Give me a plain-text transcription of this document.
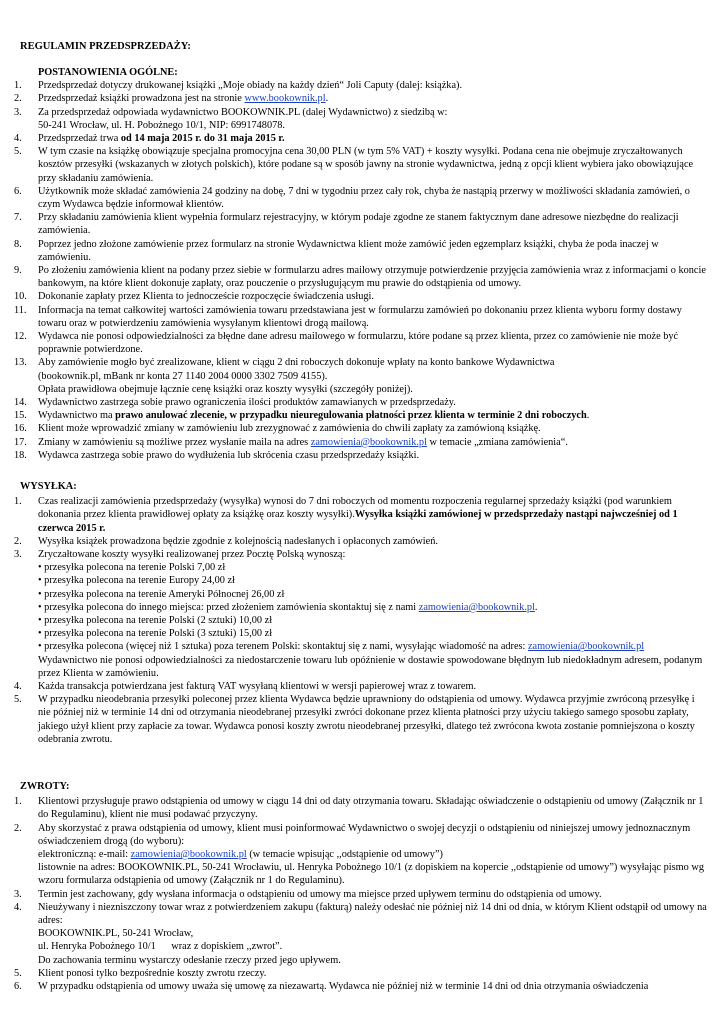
REGULAMIN PRZEDSPRZEDAŻY:
POSTANOWIENIA OGÓLNE:
1. Przedsprzedaż dotyczy drukowanej książki „Moje obiady na każdy dzień“ Joli Caputy (dalej: książka).
2. Przedsprzedaż książki prowadzona jest na stronie www.bookownik.pl.
3. Za przedsprzedaż odpowiada wydawnictwo BOOKOWNIK.PL (dalej Wydawnictwo) z siedzibą w:
50-241 Wrocław, ul. H. Pobożnego 10/1, NIP: 6991748078.
4. Przedsprzedaż trwa od 14 maja 2015 r. do 31 maja 2015 r.
5. W tym czasie na książkę obowiązuje specjalna promocyjna cena 30,00 PLN (w tym 5% VAT) + koszty wysyłki. Podana cena nie obejmuje zryczałtowanych kosztów przesyłki (wskazanych w złotych polskich), które podane są w sposób jawny na stronie wydawnictwa, jedną z opcji klient wybiera jako obowiązujące przy składaniu zamówienia.
6. Użytkownik może składać zamówienia 24 godziny na dobę, 7 dni w tygodniu przez cały rok, chyba że nastąpią przerwy w możliwości składania zamówień, o czym Wydawca będzie informował klientów.
7. Przy składaniu zamówienia klient wypełnia formularz rejestracyjny, w którym podaje zgodne ze stanem faktycznym dane adresowe niezbędne do realizacji zamówienia.
8. Poprzez jedno złożone zamówienie przez formularz na stronie Wydawnictwa klient może zamówić jeden egzemplarz książki, chyba że poda inaczej w zamówieniu.
9. Po złożeniu zamówienia klient na podany przez siebie w formularzu adres mailowy otrzymuje potwierdzenie przyjęcia zamówienia wraz z informacjami o koncie bankowym, na które klient dokonuje zapłaty, oraz pouczenie o przysługującym mu prawie do odstąpienia od umowy.
10. Dokonanie zapłaty przez Klienta to jednoczeście rozpoczęcie świadczenia usługi.
11. Informacja na temat całkowitej wartości zamówienia towaru przedstawiana jest w formularzu zamówień po dokonaniu przez klienta wyboru formy dostawy towaru oraz w potwierdzeniu zamówienia wysyłanym klientowi drogą mailową.
12. Wydawca nie ponosi odpowiedzialności za błędne dane adresu mailowego w formularzu, które podane są przez klienta, przez co zamówienie nie może być poprawnie potwierdzone.
13. Aby zamówienie mogło być zrealizowane, klient w ciągu 2 dni roboczych dokonuje wpłaty na konto bankowe Wydawnictwa
(bookownik.pl, mBank nr konta 27 1140 2004 0000 3302 7509 4155).
Opłata prawidłowa obejmuje łącznie cenę książki oraz koszty wysyłki (szczegóły poniżej).
14. Wydawnictwo zastrzega sobie prawo ograniczenia ilości produktów zamawianych w przedsprzedaży.
15. Wydawnictwo ma prawo anulować zlecenie, w przypadku nieuregulowania płatności przez klienta w terminie 2 dni roboczych.
16. Klient może wprowadzić zmiany w zamówieniu lub zrezygnować z zamówienia do chwili zapłaty za zamówioną książkę.
17. Zmiany w zamówieniu są możliwe przez wysłanie maila na adres zamowienia@bookownik.pl w temacie „zmiana zamówienia“.
18. Wydawca zastrzega sobie prawo do wydłużenia lub skrócenia czasu przedsprzedaży książki.
WYSYŁKA:
1. Czas realizacji zamówienia przedsprzedaży (wysyłka) wynosi do 7 dni roboczych od momentu rozpoczenia regularnej sprzedaży książki (pod warunkiem dokonania przez klienta prawidłowej opłaty za książkę oraz koszty wysyłki).Wysyłka książki zamówionej w przedsprzedaży nastąpi najwcześniej od 1 czerwca 2015 r.
2. Wysyłka książek prowadzona będzie zgodnie z kolejnością nadesłanych i opłaconych zamówień.
3. Zryczałtowane koszty wysyłki realizowanej przez Pocztę Polską wynoszą:
• przesyłka polecona na terenie Polski 7,00 zł
• przesyłka polecona na terenie Europy 24,00 zł
• przesyłka polecona na terenie Ameryki Północnej 26,00 zł
• przesyłka polecona do innego miejsca: przed złożeniem zamówienia skontaktuj się z nami zamowienia@bookownik.pl.
• przesyłka polecona na terenie Polski (2 sztuki) 10,00 zł
• przesyłka polecona na terenie Polski (3 sztuki) 15,00 zł
• przesyłka polecona (więcej niż 1 sztuka) poza terenem Polski: skontaktuj się z nami, wysyłając wiadomość na adres: zamowienia@bookownik.pl
Wydawnictwo nie ponosi odpowiedzialności za niedostarczenie towaru lub opóźnienie w dostawie spowodowane błędnym lub niedokładnym adresem, podanym przez Klienta w zamówieniu.
4. Każda transakcja potwierdzana jest fakturą VAT wysyłaną klientowi w wersji papierowej wraz z towarem.
5. W przypadku nieodebrania przesyłki poleconej przez klienta Wydawca będzie uprawniony do odstąpienia od umowy. Wydawca przyjmie zwróconą przesyłkę i nie później niż w terminie 14 dni od otrzymania nieodebranej przesyłki zwróci dokonane przez klienta płatności przy użyciu takiego samego sposobu zapłaty, jakiego użył klient przy zapłacie za towar. Wydawca ponosi koszty zwrotu nieodebranej przesyłki, dlatego też zwrócona kwota zostanie pomniejszona o koszty odebrania zwrotu.
ZWROTY:
1. Klientowi przysługuje prawo odstąpienia od umowy w ciągu 14 dni od daty otrzymania towaru. Składając oświadczenie o odstąpieniu od umowy (Załącznik nr 1 do Regulaminu), klient nie musi podawać przyczyny.
2. Aby skorzystać z prawa odstąpienia od umowy, klient musi poinformować Wydawnictwo o swojej decyzji o odstąpieniu od niniejszej umowy jednoznacznym oświadczeniem drogą (do wyboru):
elektroniczną: e-mail: zamowienia@bookownik.pl (w temacie wpisując ,,odstąpienie od umowy”)
listownie na adres: BOOKOWNIK.PL, 50-241 Wrocławiu, ul. Henryka Pobożnego 10/1 (z dopiskiem na kopercie ,,odstąpienie od umowy”) wysyłając pismo wg wzoru formularza odstąpienia od umowy (Załącznik nr 1 do Regulaminu).
3. Termin jest zachowany, gdy wysłana informacja o odstąpieniu od umowy ma miejsce przed upływem terminu do odstąpienia od umowy.
4. Nieużywany i niezniszczony towar wraz z potwierdzeniem zakupu (fakturą) należy odesłać nie później niż 14 dni od dnia, w którym Klient odstąpił od umowy na adres:
BOOKOWNIK.PL, 50-241 Wrocław,
ul. Henryka Pobożnego 10/1      wraz z dopiskiem ,,zwrot”.
Do zachowania terminu wystarczy odesłanie rzeczy przed jego upływem.
5. Klient ponosi tylko bezpośrednie koszty zwrotu rzeczy.
6. W przypadku odstąpienia od umowy uważa się umowę za niezawartą. Wydawca nie później niż w terminie 14 dni od dnia otrzymania oświadczenia
